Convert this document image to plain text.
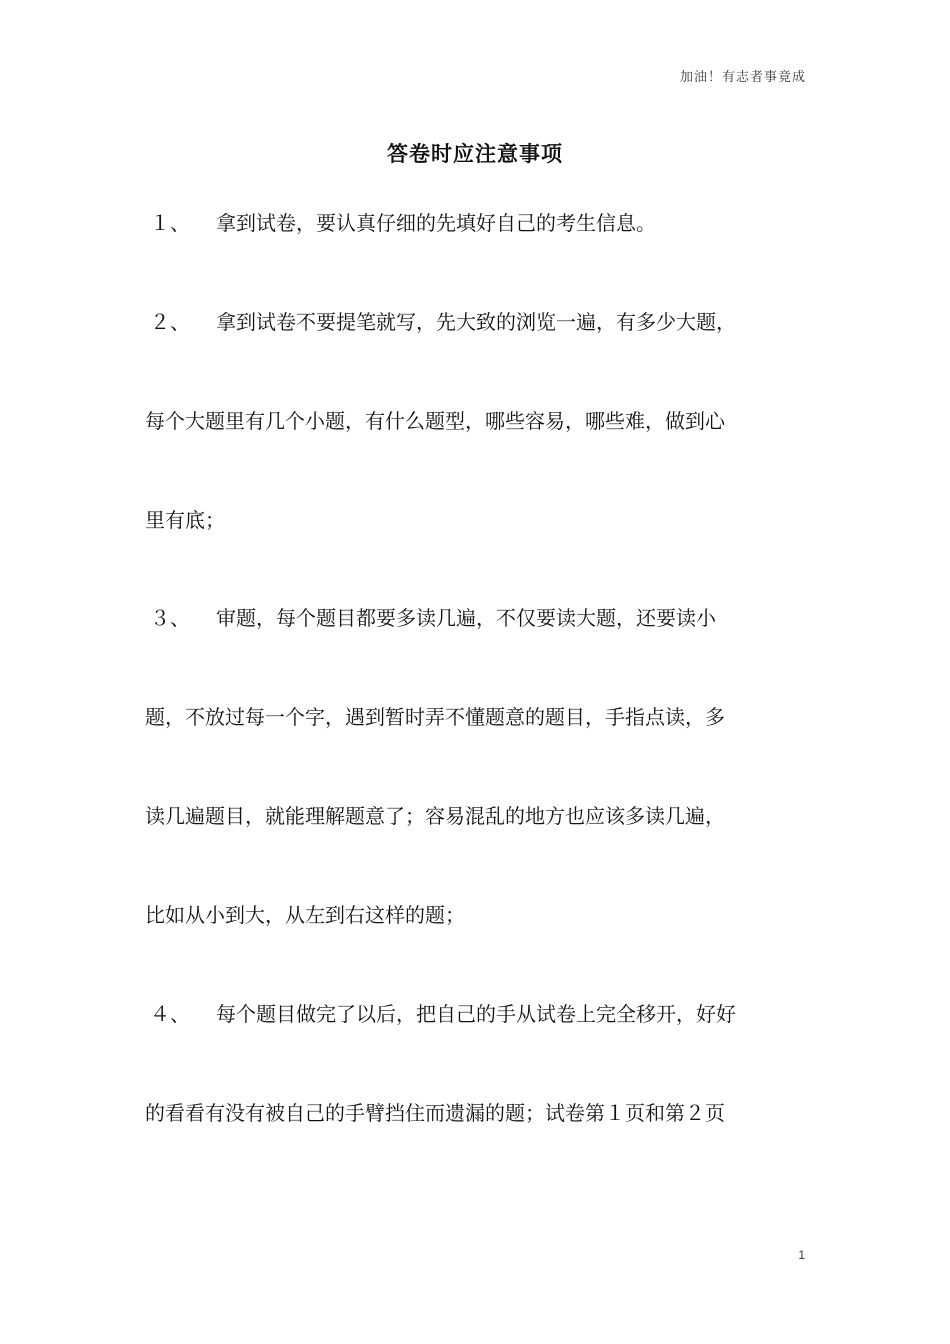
加油！有志者事竟成
答卷时应注意事项
１、 拿到试卷，要认真仔细的先填好自己的考生信息。
２、 拿到试卷不要提笔就写，先大致的浏览一遍，有多少大题，
每个大题里有几个小题，有什么题型，哪些容易，哪些难，做到心
里有底；
３、 审题，每个题目都要多读几遍，不仅要读大题，还要读小
题，不放过每一个字，遇到暂时弄不懂题意的题目，手指点读，多
读几遍题目，就能理解题意了；容易混乱的地方也应该多读几遍，
比如从小到大，从左到右这样的题；
４、 每个题目做完了以后，把自己的手从试卷上完全移开，好好
的看看有没有被自己的手臂挡住而遗漏的题；试卷第１页和第２页
1
